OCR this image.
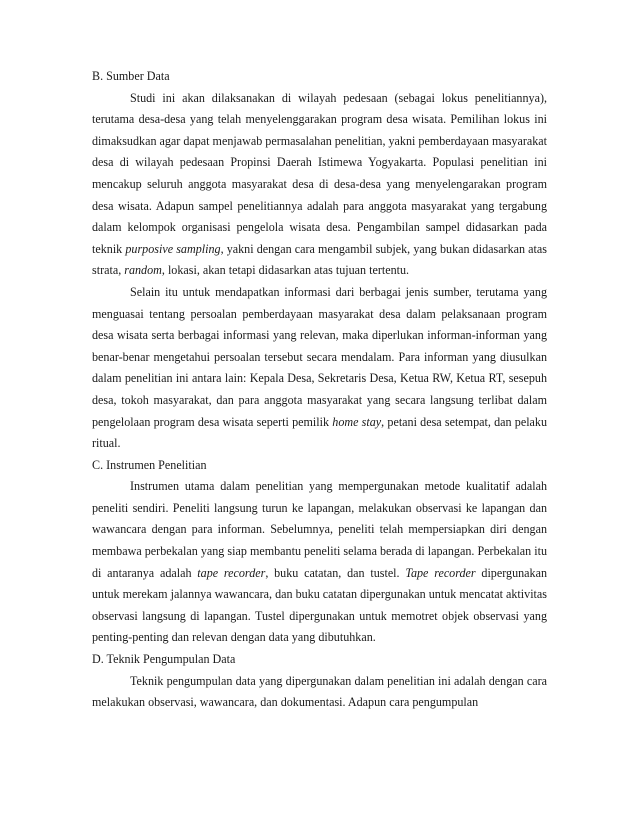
B. Sumber Data

Studi ini akan dilaksanakan di wilayah pedesaan (sebagai lokus penelitiannya), terutama desa-desa yang telah menyelenggarakan program desa wisata. Pemilihan lokus ini dimaksudkan agar dapat menjawab permasalahan penelitian, yakni pemberdayaan masyarakat desa di wilayah pedesaan Propinsi Daerah Istimewa Yogyakarta. Populasi penelitian ini mencakup seluruh anggota masyarakat desa di desa-desa yang menyelengarakan program desa wisata. Adapun sampel penelitiannya adalah para anggota masyarakat yang tergabung dalam kelompok organisasi pengelola wisata desa. Pengambilan sampel didasarkan pada teknik purposive sampling, yakni dengan cara mengambil subjek, yang bukan didasarkan atas strata, random, lokasi, akan tetapi didasarkan atas tujuan tertentu.

Selain itu untuk mendapatkan informasi dari berbagai jenis sumber, terutama yang menguasai tentang persoalan pemberdayaan masyarakat desa dalam pelaksanaan program desa wisata serta berbagai informasi yang relevan, maka diperlukan informan-informan yang benar-benar mengetahui persoalan tersebut secara mendalam. Para informan yang diusulkan dalam penelitian ini antara lain: Kepala Desa, Sekretaris Desa, Ketua RW, Ketua RT, sesepuh desa, tokoh masyarakat, dan para anggota masyarakat yang secara langsung terlibat dalam pengelolaan program desa wisata seperti pemilik home stay, petani desa setempat, dan pelaku ritual.

C. Instrumen Penelitian

Instrumen utama dalam penelitian yang mempergunakan metode kualitatif adalah peneliti sendiri. Peneliti langsung turun ke lapangan, melakukan observasi ke lapangan dan wawancara dengan para informan. Sebelumnya, peneliti telah mempersiapkan diri dengan membawa perbekalan yang siap membantu peneliti selama berada di lapangan. Perbekalan itu di antaranya adalah tape recorder, buku catatan, dan tustel. Tape recorder dipergunakan untuk merekam jalannya wawancara, dan buku catatan dipergunakan untuk mencatat aktivitas observasi langsung di lapangan. Tustel dipergunakan untuk memotret objek observasi yang penting-penting dan relevan dengan data yang dibutuhkan.

D. Teknik Pengumpulan Data

Teknik pengumpulan data yang dipergunakan dalam penelitian ini adalah dengan cara melakukan observasi, wawancara, dan dokumentasi. Adapun cara pengumpulan
